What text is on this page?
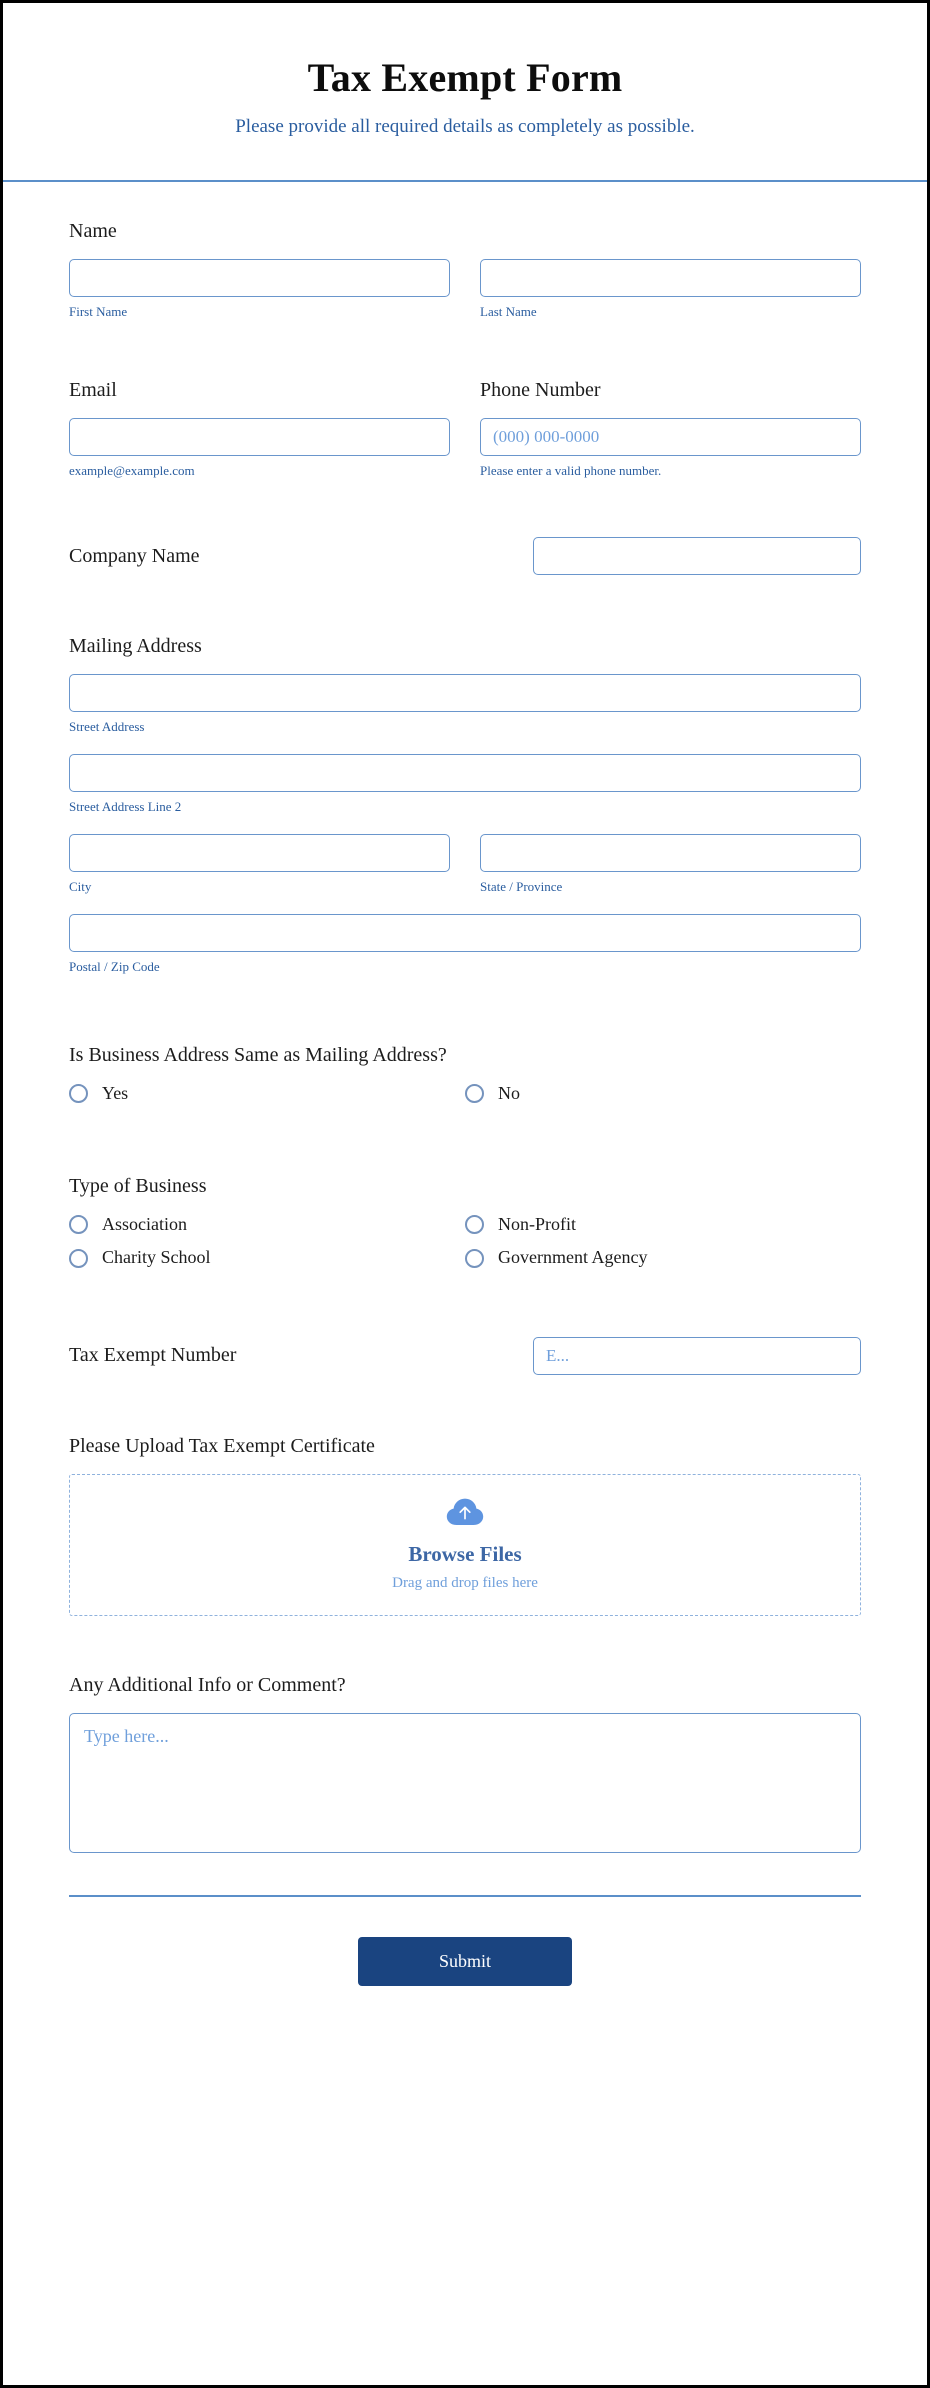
Tax Exempt Form
Please provide all required details as completely as possible.
Name
First Name	Last Name
Email
example@example.com
Phone Number
(000) 000-0000
Please enter a valid phone number.
Company Name
Mailing Address
Street Address
Street Address Line 2
City	State / Province
Postal / Zip Code
Is Business Address Same as Mailing Address?
Yes	No
Type of Business
Association	Non-Profit
Charity School	Government Agency
Tax Exempt Number
E...
Please Upload Tax Exempt Certificate
Browse Files
Drag and drop files here
Any Additional Info or Comment?
Type here...
Submit
